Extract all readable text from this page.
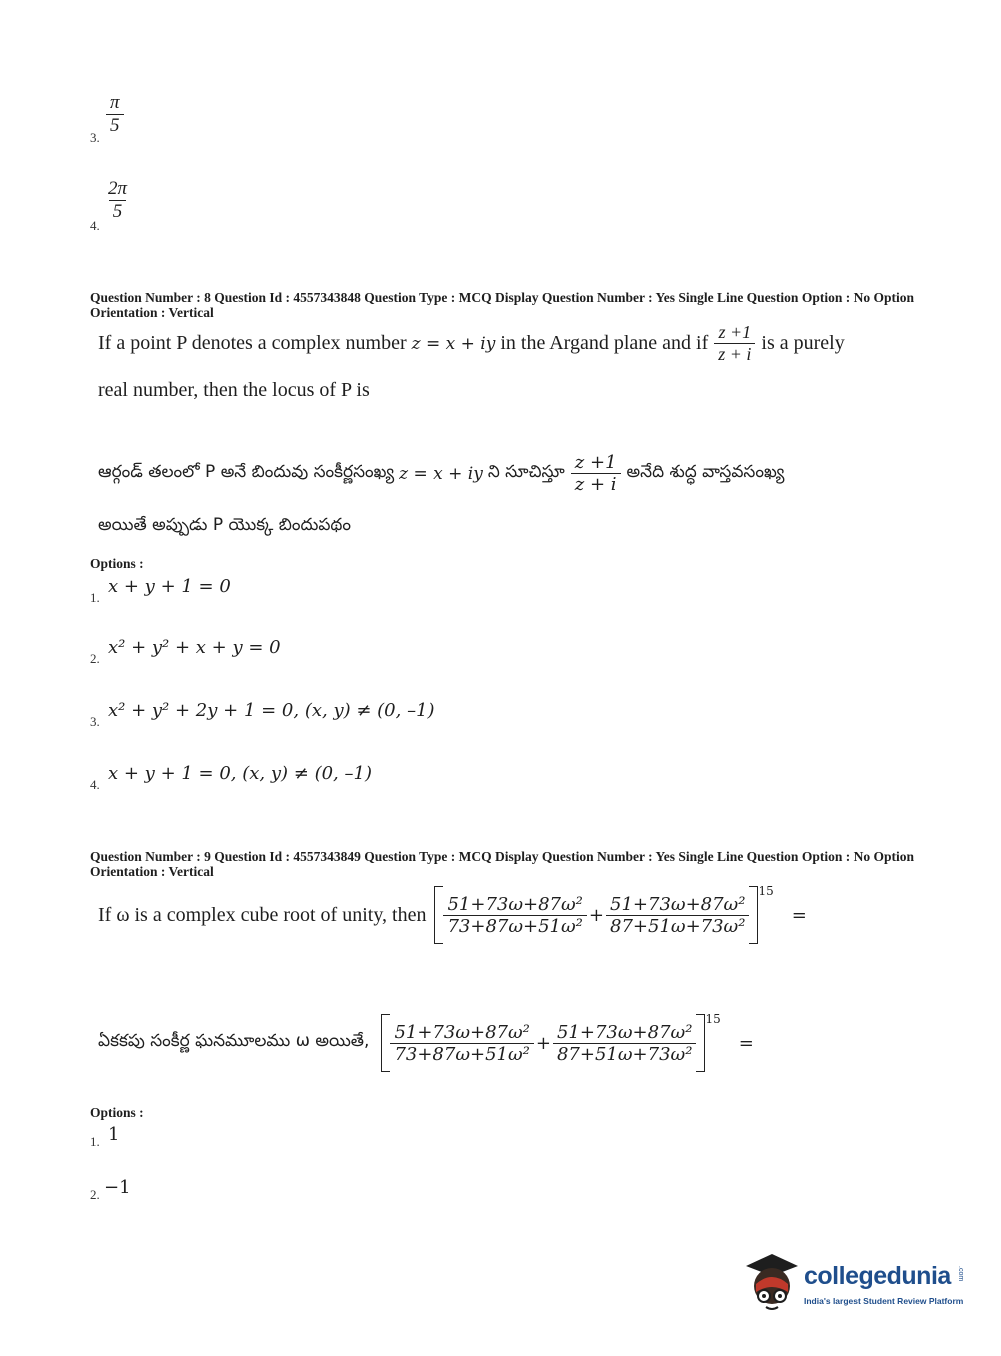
3.
$\frac{\pi}{5}$
4.
$\frac{2\pi}{5}$
Question Number : 8 Question Id : 4557343848 Question Type : MCQ Display Question Number : Yes Single Line Question Option : No Option Orientation : Vertical
If a point P denotes a complex number z = x + iy in the Argand plane and if $\frac{z +1}{z + i}$ is a purely
real number, then the locus of P is
ఆర్గండ్ తలంలో P అనే బిందువు సంకీర్ణసంఖ్య z = x + iy ని సూచిస్తూ $\frac{z +1}{z + i}$ అనేది శుద్ధ వాస్తవసంఖ్య
అయితే అప్పుడు P యొక్క బిందుపథం
Options :
1.
x + y + 1 = 0
2.
x² + y² + x + y = 0
3.
x² + y² + 2y + 1 = 0, (x, y) ≠ (0, –1)
4.
x + y + 1 = 0, (x, y) ≠ (0, –1)
Question Number : 9 Question Id : 4557343849 Question Type : MCQ Display Question Number : Yes Single Line Question Option : No Option Orientation : Vertical
If ω is a complex cube root of unity, then $\frac{\text{51+73ω+87ω²}}{\text{73+87ω+51ω²}} + \frac{\text{51+73ω+87ω²}}{\text{87+51ω+73ω²}}$
15
=
ఏకకపు సంకీర్ణ ఘనమూలము ω అయితే, $\frac{\text{51+73ω+87ω²}}{\text{73+87ω+51ω²}} + \frac{\text{51+73ω+87ω²}}{\text{87+51ω+73ω²}}$
15
=
Options :
1. 1
2. −1
collegedunia .com
India's largest Student Review Platform
